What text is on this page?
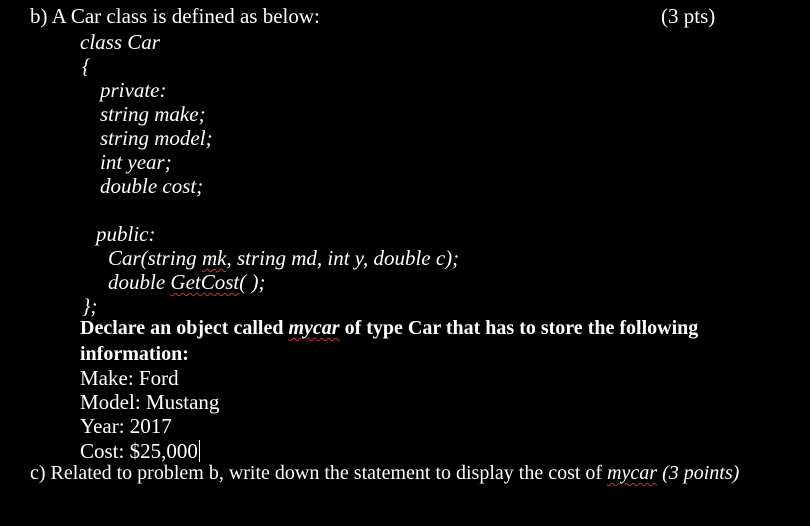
b) A Car class is defined as below:	(3 pts)
class Car
{
private:
string make;
string model;
int year;
double cost;
public:
Car(string mk, string md, int y, double c);
double GetCost( );
};
Declare an object called mycar of type Car that has to store the following
information:
Make: Ford
Model: Mustang
Year: 2017
Cost: $25,000
c) Related to problem b, write down the statement to display the cost of mycar (3 points)
